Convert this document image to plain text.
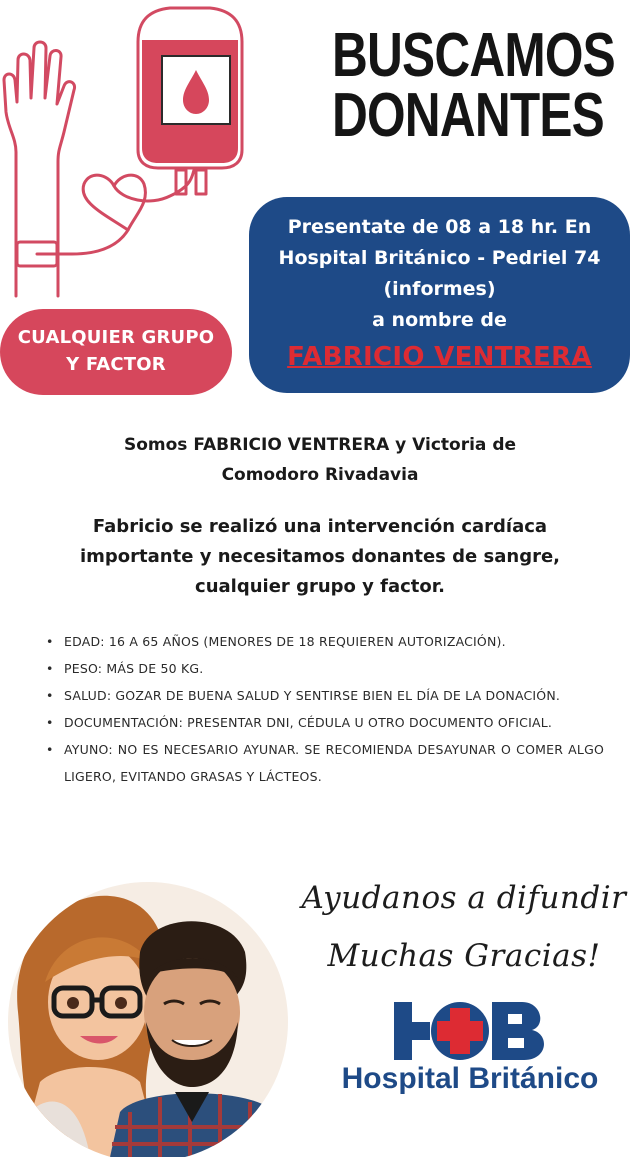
BUSCAMOS
DONANTES
Presentate de 08 a 18 hr. En
Hospital Británico - Pedriel 74
(informes)
a nombre de
FABRICIO VENTRERA
CUALQUIER GRUPO
Y FACTOR
Somos FABRICIO VENTRERA y Victoria de
Comodoro Rivadavia
Fabricio se realizó una intervención cardíaca
importante y necesitamos donantes de sangre,
cualquier grupo y factor.
• EDAD: 16 A 65 AÑOS (MENORES DE 18 REQUIEREN AUTORIZACIÓN).
• PESO: MÁS DE 50 KG.
• SALUD: GOZAR DE BUENA SALUD Y SENTIRSE BIEN EL DÍA DE LA DONACIÓN.
• DOCUMENTACIÓN: PRESENTAR DNI, CÉDULA U OTRO DOCUMENTO OFICIAL.
• AYUNO: NO ES NECESARIO AYUNAR. SE RECOMIENDA DESAYUNAR O COMER ALGO LIGERO, EVITANDO GRASAS Y LÁCTEOS.
Ayudanos a difundir
Muchas Gracias!
Hospital Británico
